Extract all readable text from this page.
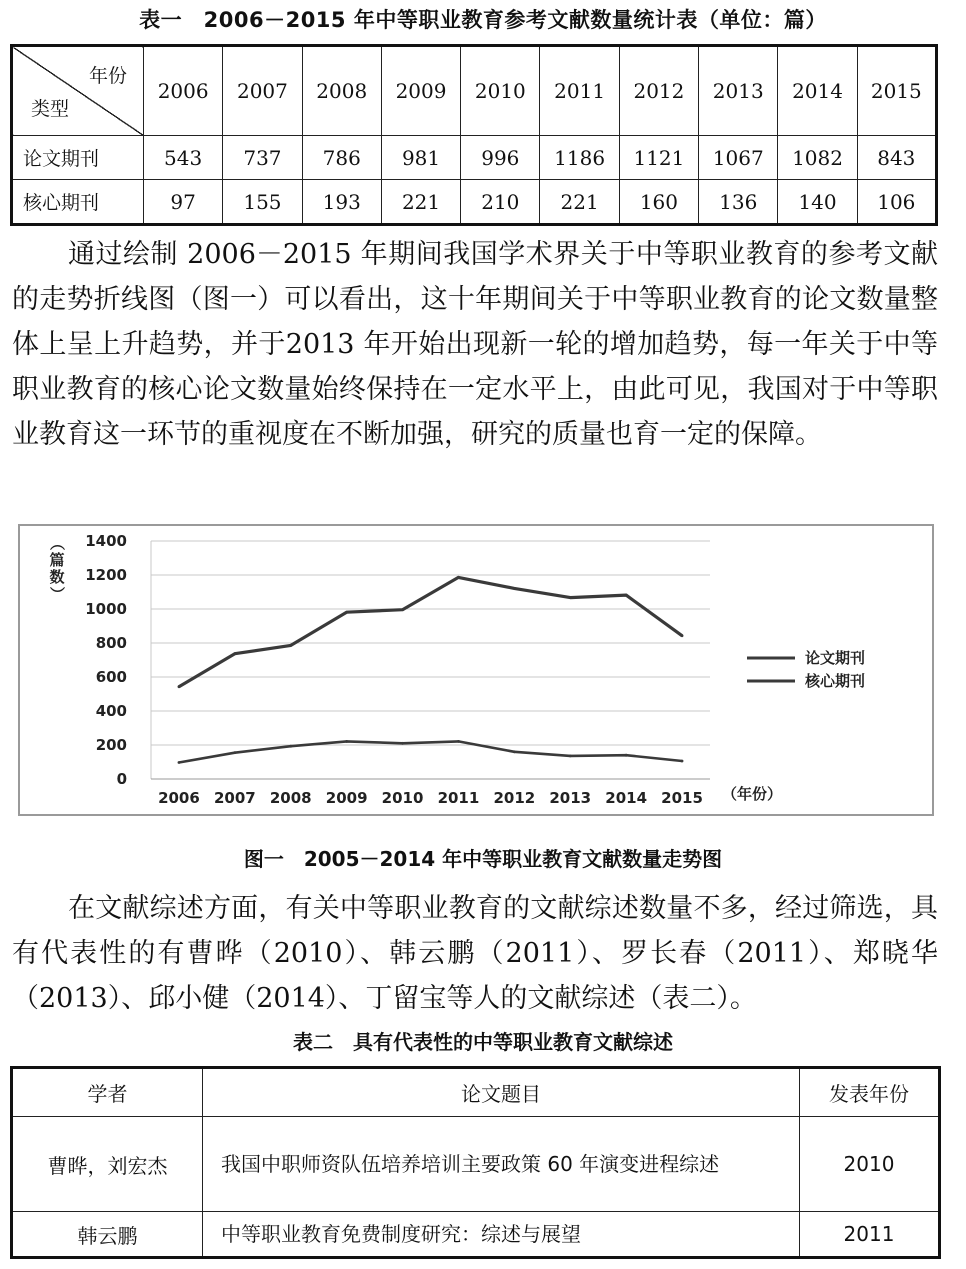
表一　2006－2015 年中等职业教育参考文献数量统计表（单位：篇）
年份
类型	2006	2007	2008	2009	2010	2011	2012	2013	2014	2015
论文期刊	543	737	786	981	996	1186	1121	1067	1082	843
核心期刊	97	155	193	221	210	221	160	136	140	106

通过绘制 2006－2015 年期间我国学术界关于中等职业教育的参考文献的走势折线图（图一）可以看出，这十年期间关于中等职业教育的论文数量整体上呈上升趋势，并于2013 年开始出现新一轮的增加趋势，每一年关于中等职业教育的核心论文数量始终保持在一定水平上，由此可见，我国对于中等职业教育这一环节的重视度在不断加强，研究的质量也育一定的保障。

0
200
400
600
800
1000
1200
1400
2006 2007 2008 2009 2010 2011 2012 2013 2014 2015 （年份）
（
篇
数
）
论文期刊
核心期刊
图一　2005－2014 年中等职业教育文献数量走势图

在文献综述方面，有关中等职业教育的文献综述数量不多，经过筛选，具有代表性的有曹晔（2010）、韩云鹏（2011）、罗长春（2011）、郑晓华（2013）、邱小健（2014）、丁留宝等人的文献综述（表二）。

表二　具有代表性的中等职业教育文献综述
学者	论文题目	发表年份
曹晔，刘宏杰	我国中职师资队伍培养培训主要政策 60 年演变进程综述	2010
韩云鹏	中等职业教育免费制度研究：综述与展望	2011
